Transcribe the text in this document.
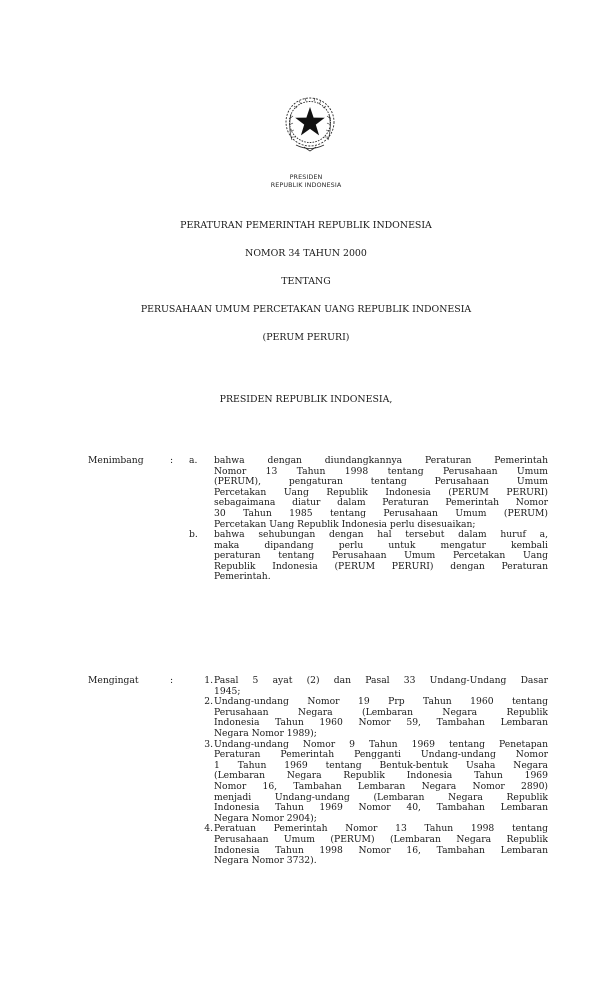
PRESIDEN
REPUBLIK INDONESIA
PERATURAN PEMERINTAH REPUBLIK INDONESIA
NOMOR 34 TAHUN 2000
TENTANG
PERUSAHAAN UMUM PERCETAKAN UANG REPUBLIK INDONESIA
(PERUM PERURI)
PRESIDEN REPUBLIK INDONESIA,
Menimbang	: a.	bahwa dengan diundangkannya Peraturan Pemerintah
Nomor 13 Tahun 1998 tentang Perusahaan Umum
(PERUM), pengaturan tentang Perusahaan Umum
Percetakan Uang Republik Indonesia (PERUM PERURI)
sebagaimana diatur dalam Peraturan Pemerintah Nomor
30 Tahun 1985 tentang Perusahaan Umum (PERUM)
Percetakan Uang Republik Indonesia perlu disesuaikan;
b.	bahwa sehubungan dengan hal tersebut dalam huruf a,
maka dipandang perlu untuk mengatur kembali
peraturan tentang Perusahaan Umum Percetakan Uang
Republik Indonesia (PERUM PERURI) dengan Peraturan
Pemerintah.
Mengingat	:	1. Pasal 5 ayat (2) dan Pasal 33 Undang-Undang Dasar
1945;
2. Undang-undang Nomor 19 Prp Tahun 1960 tentang
Perusahaan Negara (Lembaran Negara Republik
Indonesia Tahun 1960 Nomor 59, Tambahan Lembaran
Negara Nomor 1989);
3. Undang-undang Nomor 9 Tahun 1969 tentang Penetapan
Peraturan Pemerintah Pengganti Undang-undang Nomor
1 Tahun 1969 tentang Bentuk-bentuk Usaha Negara
(Lembaran Negara Republik Indonesia Tahun 1969
Nomor 16, Tambahan Lembaran Negara Nomor 2890)
menjadi Undang-undang (Lembaran Negara Republik
Indonesia Tahun 1969 Nomor 40, Tambahan Lembaran
Negara Nomor 2904);
4. Peratuan Pemerintah Nomor 13 Tahun 1998 tentang
Perusahaan Umum (PERUM) (Lembaran Negara Republik
Indonesia Tahun 1998 Nomor 16, Tambahan Lembaran
Negara Nomor 3732).
